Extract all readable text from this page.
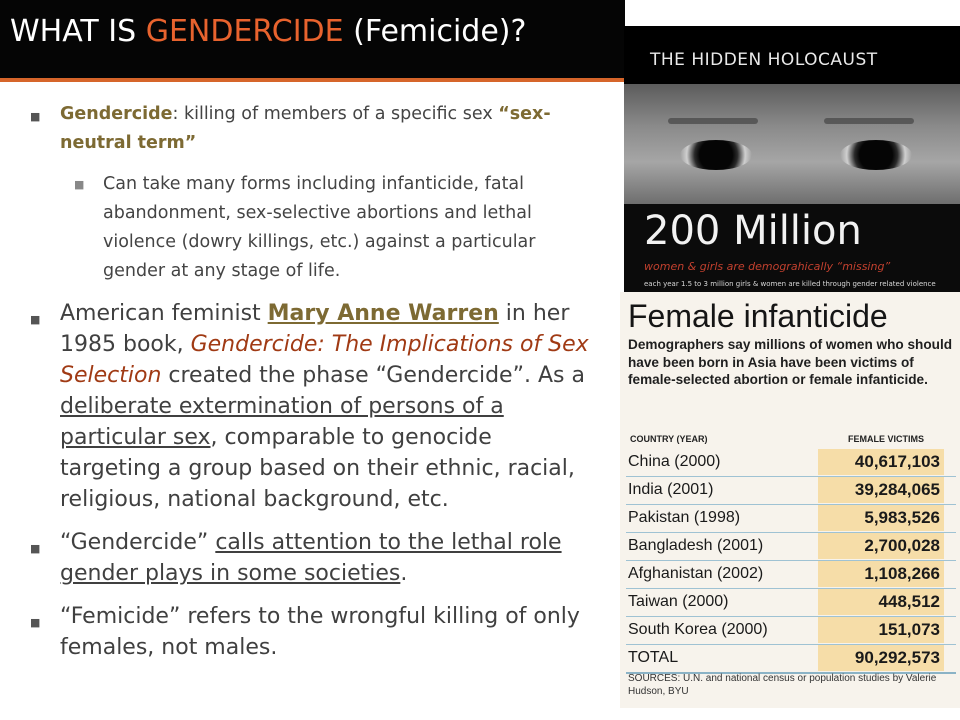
WHAT IS GENDERCIDE (Femicide)?

■ Gendercide: killing of members of a specific sex “sex-neutral term”

■ Can take many forms including infanticide, fatal abandonment, sex-selective abortions and lethal violence (dowry killings, etc.) against a particular gender at any stage of life.

■ American feminist Mary Anne Warren in her 1985 book, Gendercide: The Implications of Sex Selection created the phase “Gendercide”. As a deliberate extermination of persons of a particular sex, comparable to genocide targeting a group based on their ethnic, racial, religious, national background, etc.

■ “Gendercide” calls attention to the lethal role gender plays in some societies.

■ “Femicide” refers to the wrongful killing of only females, not males.

THE HIDDEN HOLOCAUST
200 Million
women & girls are demograhically “missing”
each year 1.5 to 3 million girls & women are killed through gender related violence
Female infanticide
Demographers say millions of women who should have been born in Asia have been victims of female-selected abortion or female infanticide.
COUNTRY (YEAR)	FEMALE VICTIMS
China (2000)	40,617,103
India (2001)	39,284,065
Pakistan (1998)	5,983,526
Bangladesh (2001)	2,700,028
Afghanistan (2002)	1,108,266
Taiwan (2000)	448,512
South Korea (2000)	151,073
TOTAL	90,292,573
SOURCES: U.N. and national census or population studies by Valerie Hudson, BYU
